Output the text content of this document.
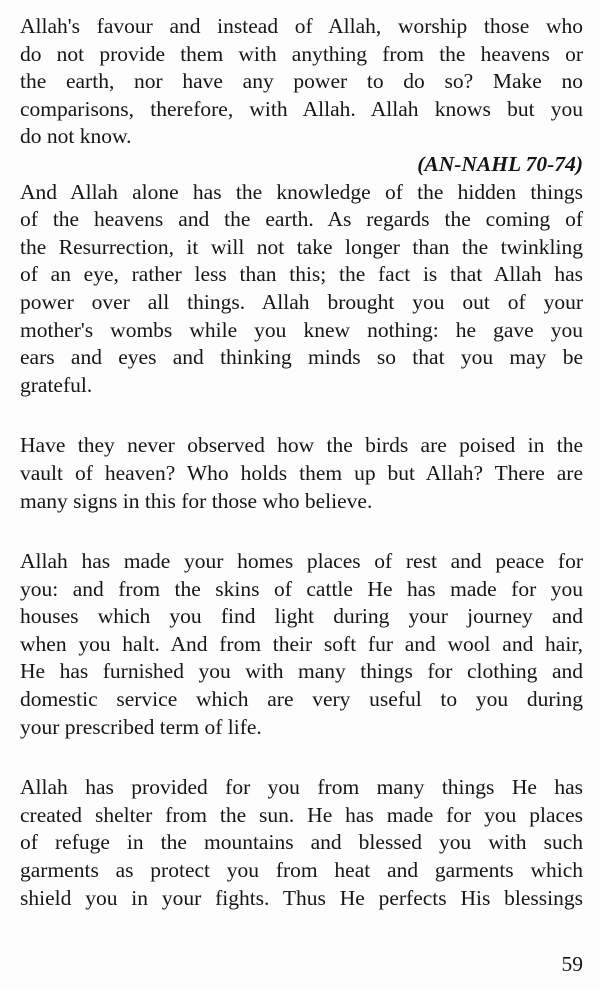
Allah's favour and instead of Allah, worship those who
do not provide them with anything from the heavens or
the earth, nor have any power to do so? Make no
comparisons, therefore, with Allah. Allah knows but you
do not know.
(AN-NAHL 70-74)
And Allah alone has the knowledge of the hidden things
of the heavens and the earth. As regards the coming of
the Resurrection, it will not take longer than the twinkling
of an eye, rather less than this; the fact is that Allah has
power over all things. Allah brought you out of your
mother's wombs while you knew nothing: he gave you
ears and eyes and thinking minds so that you may be
grateful.
Have they never observed how the birds are poised in the
vault of heaven? Who holds them up but Allah? There are
many signs in this for those who believe.
Allah has made your homes places of rest and peace for
you: and from the skins of cattle He has made for you
houses which you find light during your journey and
when you halt. And from their soft fur and wool and hair,
He has furnished you with many things for clothing and
domestic service which are very useful to you during
your prescribed term of life.
Allah has provided for you from many things He has
created shelter from the sun. He has made for you places
of refuge in the mountains and blessed you with such
garments as protect you from heat and garments which
shield you in your fights. Thus He perfects His blessings
59
